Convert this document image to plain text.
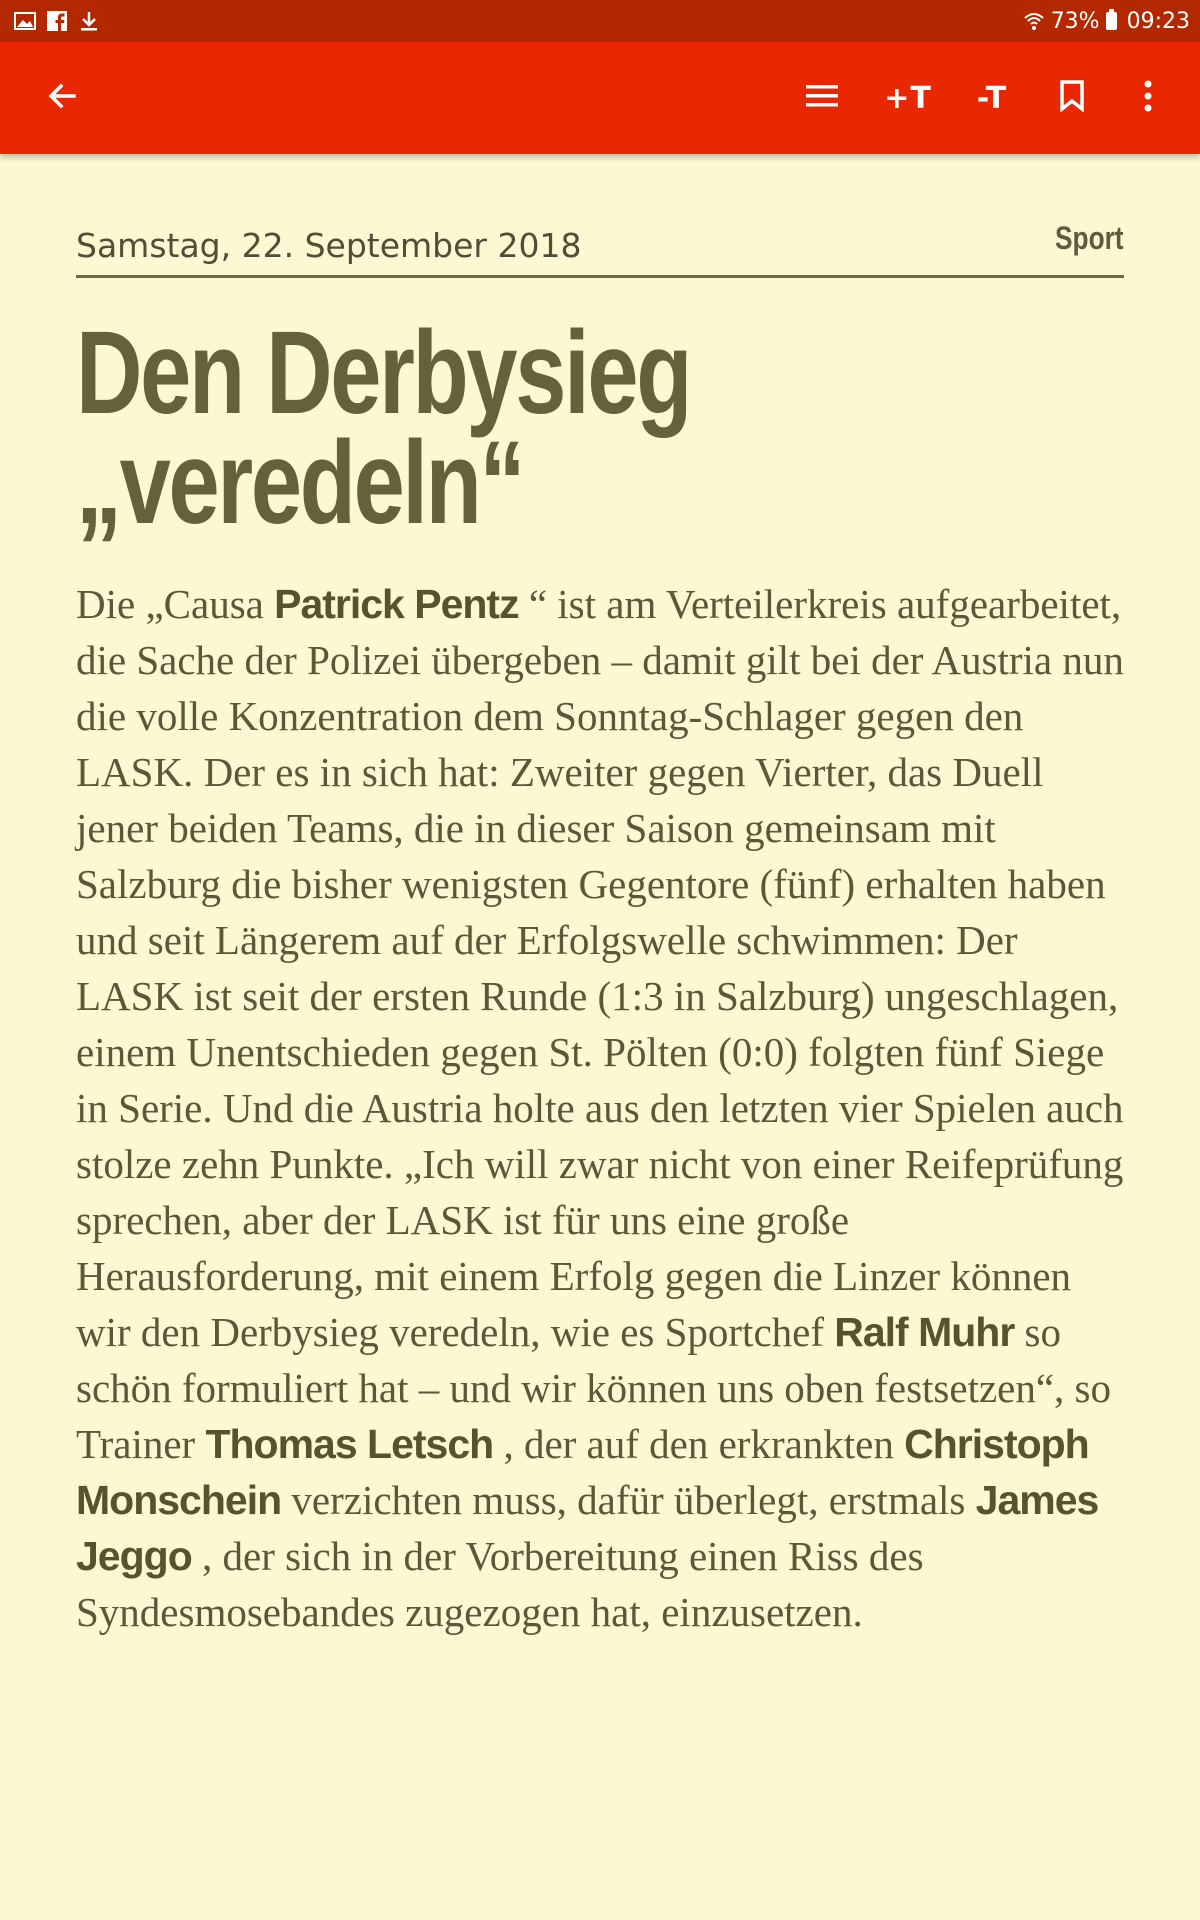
73% 09:23
+T -T
Samstag, 22. September 2018	Sport
Den Derbysieg
„veredeln“
Die „Causa Patrick Pentz “ ist am Verteilerkreis aufgearbeitet, die Sache der Polizei übergeben – damit gilt bei der Austria nun die volle Konzentration dem Sonntag-Schlager gegen den LASK. Der es in sich hat: Zweiter gegen Vierter, das Duell jener beiden Teams, die in dieser Saison gemeinsam mit Salzburg die bisher wenigsten Gegentore (fünf) erhalten haben und seit Längerem auf der Erfolgswelle schwimmen: Der LASK ist seit der ersten Runde (1:3 in Salzburg) ungeschlagen, einem Unentschieden gegen St. Pölten (0:0) folgten fünf Siege in Serie. Und die Austria holte aus den letzten vier Spielen auch stolze zehn Punkte. „Ich will zwar nicht von einer Reifeprüfung sprechen, aber der LASK ist für uns eine große Herausforderung, mit einem Erfolg gegen die Linzer können wir den Derbysieg veredeln, wie es Sportchef Ralf Muhr so schön formuliert hat – und wir können uns oben festsetzen“, so Trainer Thomas Letsch , der auf den erkrankten Christoph Monschein verzichten muss, dafür überlegt, erstmals James Jeggo , der sich in der Vorbereitung einen Riss des Syndesmosebandes zugezogen hat, einzusetzen.
